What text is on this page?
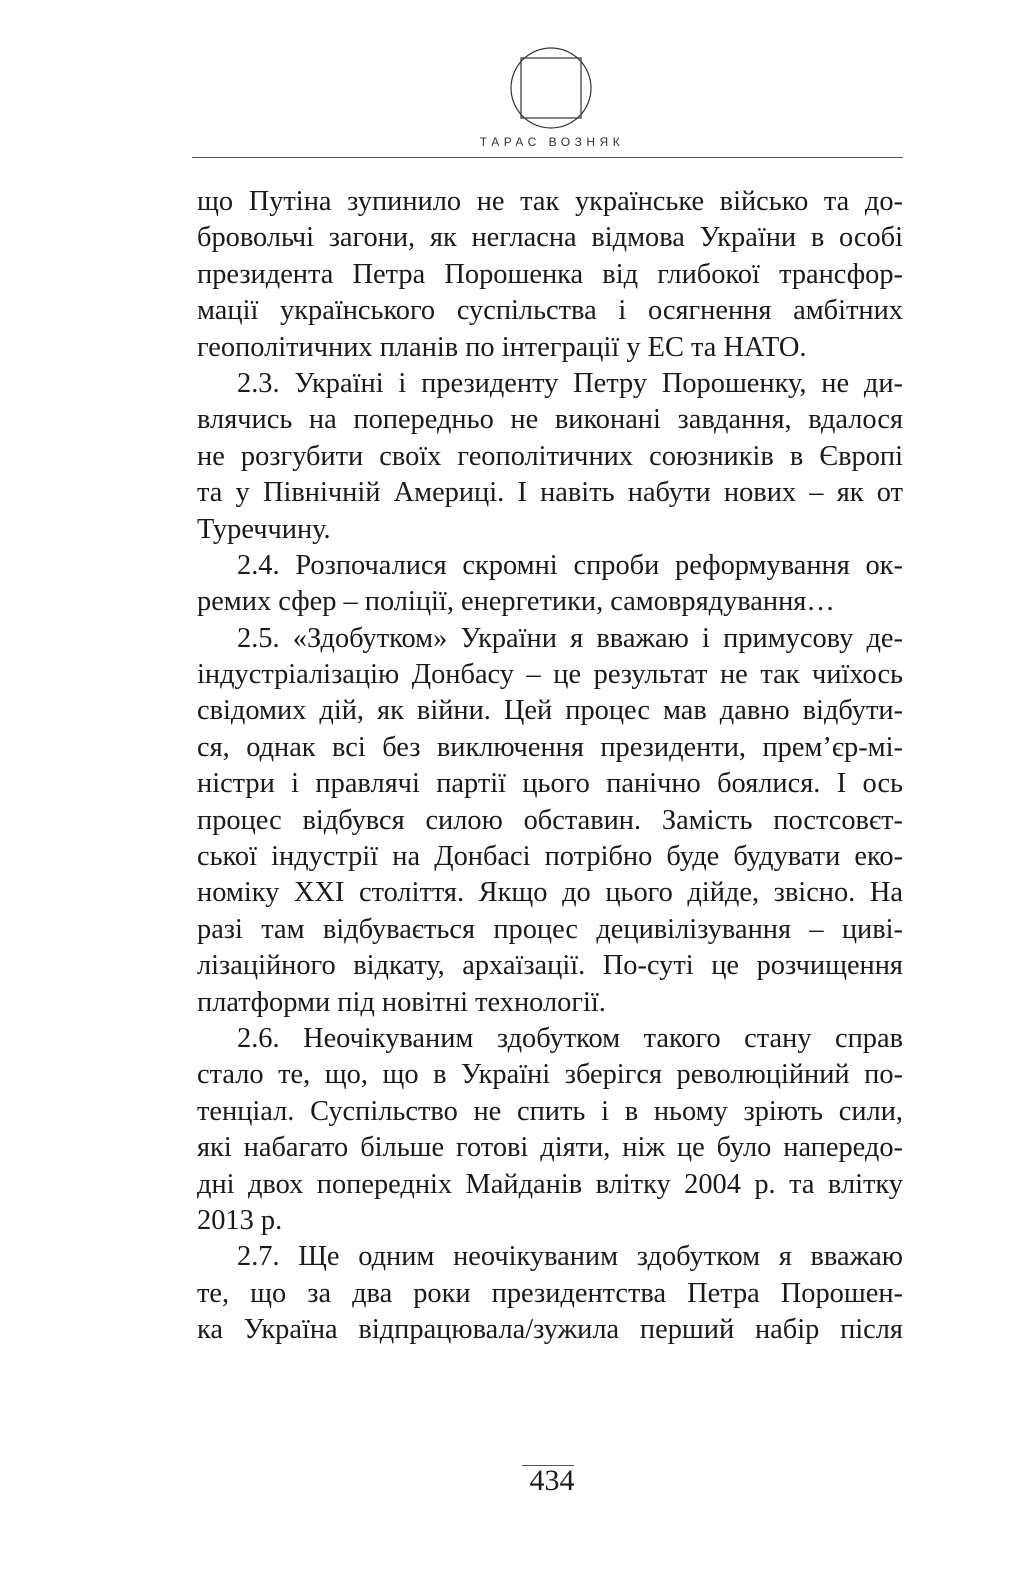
ТАРАС ВОЗНЯК
що Путіна зупинило не так українське військо та до-
бровольчі загони, як негласна відмова України в особі
президента Петра Порошенка від глибокої трансфор-
мації українського суспільства і осягнення амбітних
геополітичних планів по інтеграції у ЕС та НАТО.
2.3. Україні і президенту Петру Порошенку, не ди-
влячись на попередньо не виконані завдання, вдалося
не розгубити своїх геополітичних союзників в Європі
та у Північній Америці. І навіть набути нових – як от
Туреччину.
2.4. Розпочалися скромні спроби реформування ок-
ремих сфер – поліції, енергетики, самоврядування…
2.5. «Здобутком» України я вважаю і примусову де-
індустріалізацію Донбасу – це результат не так чиїхось
свідомих дій, як війни. Цей процес мав давно відбути-
ся, однак всі без виключення президенти, прем’єр-мі-
ністри і правлячі партії цього панічно боялися. І ось
процес відбувся силою обставин. Замість постсовєт-
ської індустрії на Донбасі потрібно буде будувати еко-
номіку XXI століття. Якщо до цього дійде, звісно. На
разі там відбувається процес децивілізування – циві-
лізаційного відкату, архаїзації. По-суті це розчищення
платформи під новітні технології.
2.6. Неочікуваним здобутком такого стану справ
стало те, що, що в Україні зберігся революційний по-
тенціал. Суспільство не спить і в ньому зріють сили,
які набагато більше готові діяти, ніж це було напередо-
дні двох попередніх Майданів влітку 2004 р. та влітку
2013 р.
2.7. Ще одним неочікуваним здобутком я вважаю
те, що за два роки президентства Петра Порошен-
ка Україна відпрацювала/зужила перший набір після
434
